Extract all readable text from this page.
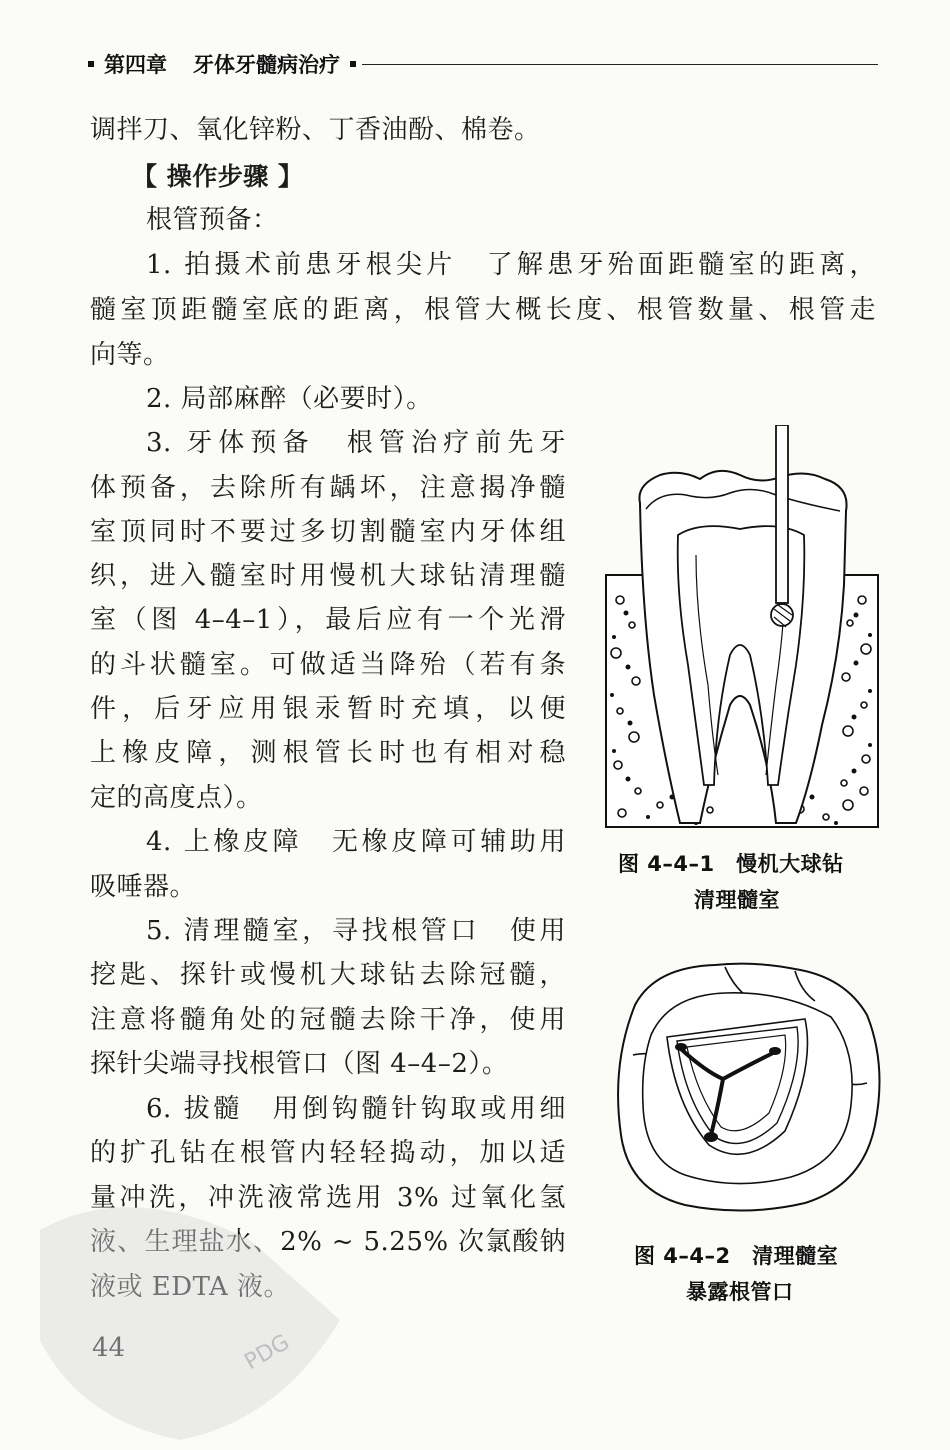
第四章 牙体牙髓病治疗
调拌刀、氧化锌粉、丁香油酚、棉卷。
【 操作步骤 】
根管预备：
1. 拍摄术前患牙根尖片　了解患牙殆面距髓室的距离，
髓室顶距髓室底的距离，根管大概长度、根管数量、根管走
向等。
2. 局部麻醉（必要时）。
3. 牙体预备　根管治疗前先牙
体预备，去除所有龋坏，注意揭净髓
室顶同时不要过多切割髓室内牙体组
织，进入髓室时用慢机大球钻清理髓
室（图 4–4–1），最后应有一个光滑
的斗状髓室。可做适当降殆（若有条
件，后牙应用银汞暂时充填，以便
上橡皮障，测根管长时也有相对稳
定的高度点）。
4. 上橡皮障　无橡皮障可辅助用
吸唾器。
5. 清理髓室，寻找根管口　使用
挖匙、探针或慢机大球钻去除冠髓，
注意将髓角处的冠髓去除干净，使用
探针尖端寻找根管口（图 4–4–2）。
6. 拔髓　用倒钩髓针钩取或用细
的扩孔钻在根管内轻轻捣动，加以适
量冲洗，冲洗液常选用 3% 过氧化氢
液、生理盐水、2% ~ 5.25% 次氯酸钠
液或 EDTA 液。
图 4–4–1　慢机大球钻
清理髓室
图 4–4–2　清理髓室
暴露根管口
44	PDG
